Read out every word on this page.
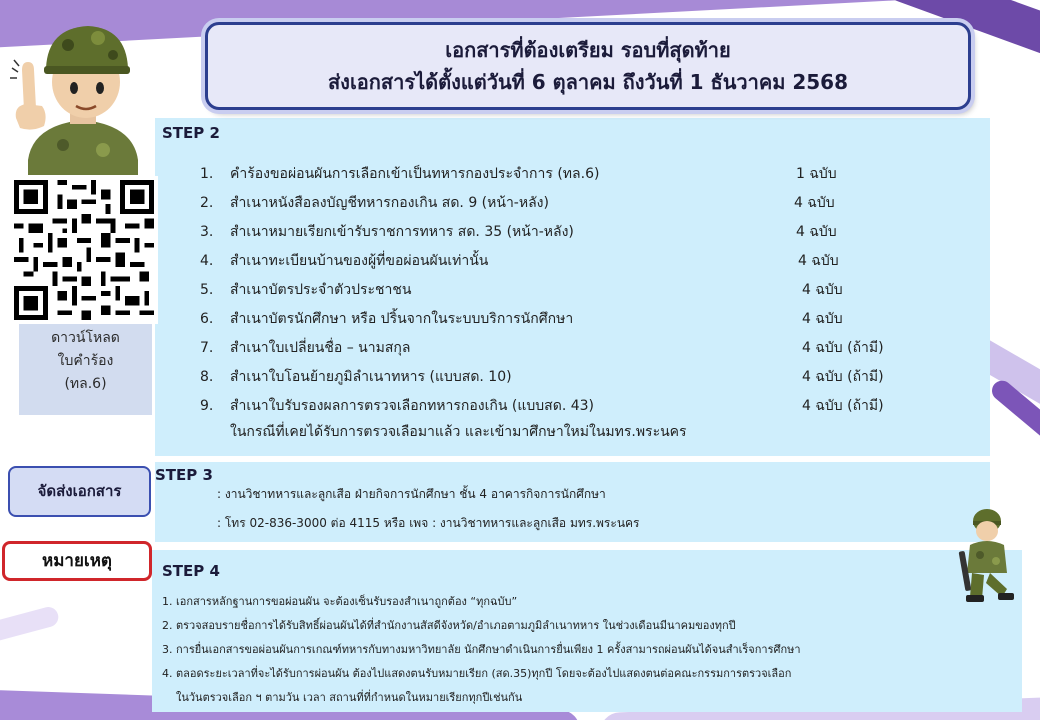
เอกสารที่ต้องเตรียม รอบที่สุดท้าย
ส่งเอกสารได้ตั้งแต่วันที่ 6 ตุลาคม ถึงวันที่ 1 ธันวาคม 2568
STEP 2
1.	คำร้องขอผ่อนผันการเลือกเข้าเป็นทหารกองประจำการ (ทล.6)	1 ฉบับ
2.	สำเนาหนังสือลงบัญชีทหารกองเกิน สด. 9 (หน้า-หลัง)	4 ฉบับ
3.	สำเนาหมายเรียกเข้ารับราชการทหาร สด. 35 (หน้า-หลัง)	4 ฉบับ
4.	สำเนาทะเบียนบ้านของผู้ที่ขอผ่อนผันเท่านั้น	4 ฉบับ
5.	สำเนาบัตรประจำตัวประชาชน	4 ฉบับ
6.	สำเนาบัตรนักศึกษา หรือ ปริ้นจากในระบบบริการนักศึกษา	4 ฉบับ
7.	สำเนาใบเปลี่ยนชื่อ – นามสกุล	4 ฉบับ (ถ้ามี)
8.	สำเนาใบโอนย้ายภูมิลำเนาทหาร (แบบสด. 10)	4 ฉบับ (ถ้ามี)
9.	สำเนาใบรับรองผลการตรวจเลือกทหารกองเกิน (แบบสด. 43)	4 ฉบับ (ถ้ามี)
ในกรณีที่เคยได้รับการตรวจเลือมาแล้ว และเข้ามาศึกษาใหม่ในมทร.พระนคร
ดาวน์โหลด
ใบคำร้อง
(ทล.6)
STEP 3
จัดส่งเอกสาร	: งานวิชาทหารและลูกเสือ ฝ่ายกิจการนักศึกษา ชั้น 4 อาคารกิจการนักศึกษา
: โทร 02-836-3000 ต่อ 4115 หรือ เพจ : งานวิชาทหารและลูกเสือ มทร.พระนคร
หมายเหตุ	STEP 4
1. เอกสารหลักฐานการขอผ่อนผัน จะต้องเซ็นรับรองสำเนาถูกต้อง “ทุกฉบับ”
2. ตรวจสอบรายชื่อการได้รับสิทธิ์ผ่อนผันได้ที่สำนักงานสัสดีจังหวัด/อำเภอตามภูมิลำเนาทหาร ในช่วงเดือนมีนาคมของทุกปี
3. การยื่นเอกสารขอผ่อนผันการเกณฑ์ทหารกับทางมหาวิทยาลัย นักศึกษาดำเนินการยื่นเพียง 1 ครั้งสามารถผ่อนผันได้จนสำเร็จการศึกษา
4. ตลอดระยะเวลาที่จะได้รับการผ่อนผัน ต้องไปแสดงตนรับหมายเรียก (สด.35)ทุกปี โดยจะต้องไปแสดงตนต่อคณะกรรมการตรวจเลือก
ในวันตรวจเลือก ฯ ตามวัน เวลา สถานที่ที่กำหนดในหมายเรียกทุกปีเช่นกัน
